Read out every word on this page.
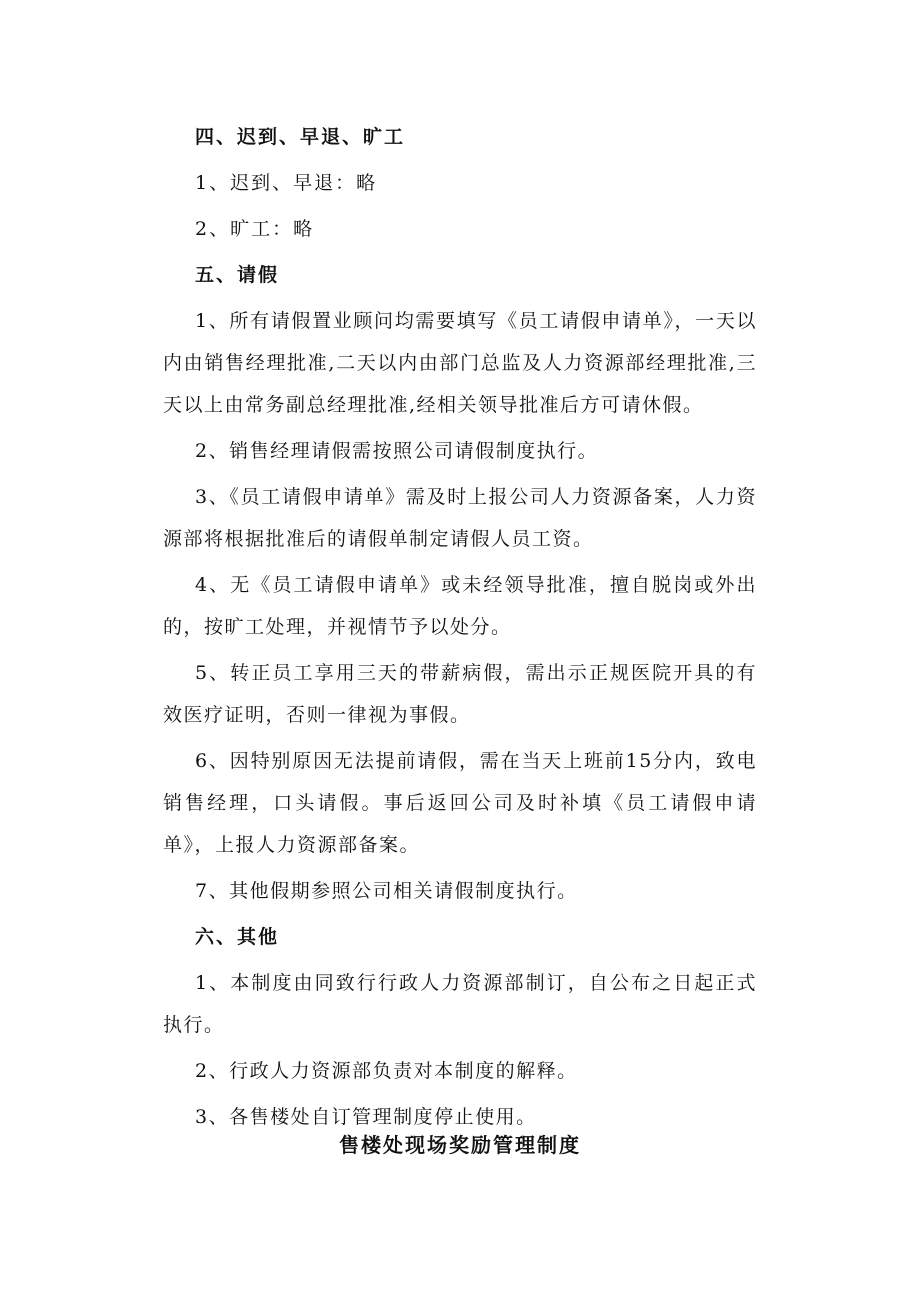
四、迟到、早退、旷工

1、迟到、早退：略

2、旷工：略

五、请假

1、所有请假置业顾问均需要填写《员工请假申请单》，一天以内由销售经理批准,二天以内由部门总监及人力资源部经理批准,三天以上由常务副总经理批准,经相关领导批准后方可请休假。

2、销售经理请假需按照公司请假制度执行。

3、《员工请假申请单》需及时上报公司人力资源备案，人力资源部将根据批准后的请假单制定请假人员工资。

4、无《员工请假申请单》或未经领导批准，擅自脱岗或外出的，按旷工处理，并视情节予以处分。

5、转正员工享用三天的带薪病假，需出示正规医院开具的有效医疗证明，否则一律视为事假。

6、因特别原因无法提前请假，需在当天上班前15分内，致电销售经理，口头请假。事后返回公司及时补填《员工请假申请单》，上报人力资源部备案。

7、其他假期参照公司相关请假制度执行。

六、其他

1、本制度由同致行行政人力资源部制订，自公布之日起正式执行。

2、行政人力资源部负责对本制度的解释。

3、各售楼处自订管理制度停止使用。

售楼处现场奖励管理制度
